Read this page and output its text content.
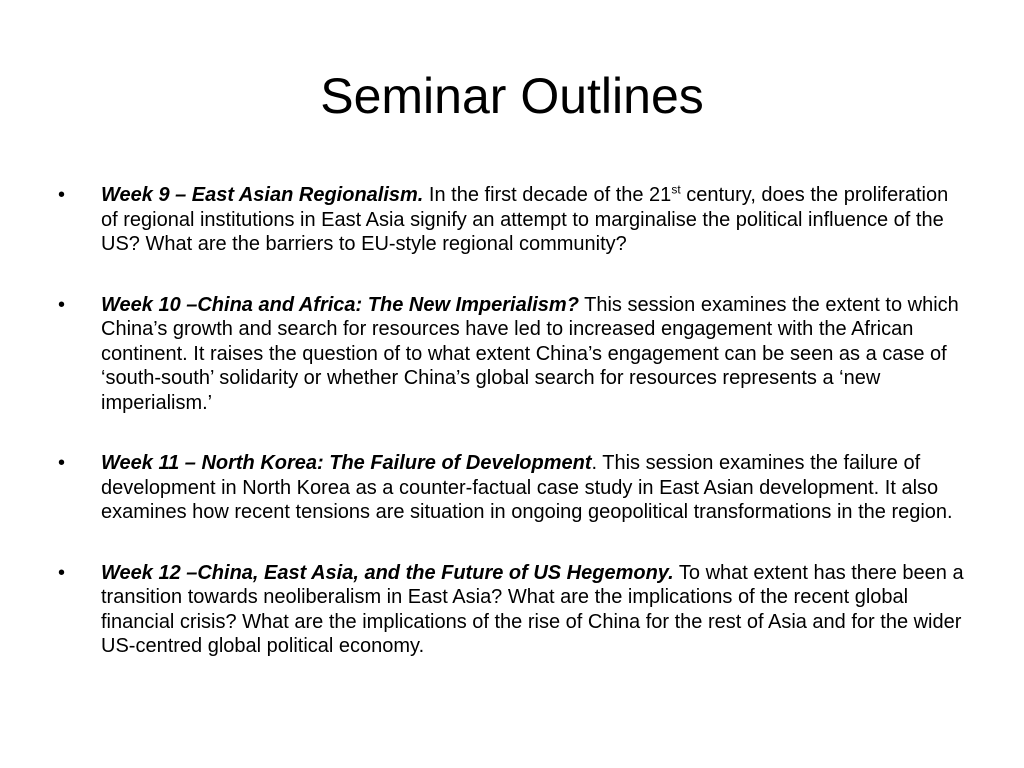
Seminar Outlines
•	Week 9 – East Asian Regionalism. In the first decade of the 21st century, does the proliferation of regional institutions in East Asia signify an attempt to marginalise the political influence of the US? What are the barriers to EU-style regional community?
•	Week 10 –China and Africa: The New Imperialism? This session examines the extent to which China’s growth and search for resources have led to increased engagement with the African continent. It raises the question of to what extent China’s engagement can be seen as a case of ‘south-south’ solidarity or whether China’s global search for resources represents a ‘new imperialism.’
•	Week 11 – North Korea: The Failure of Development. This session examines the failure of development in North Korea as a counter-factual case study in East Asian development. It also examines how recent tensions are situation in ongoing geopolitical transformations in the region.
•	Week 12 –China, East Asia, and the Future of US Hegemony. To what extent has there been a transition towards neoliberalism in East Asia? What are the implications of the recent global financial crisis? What are the implications of the rise of China for the rest of Asia and for the wider US-centred global political economy.
